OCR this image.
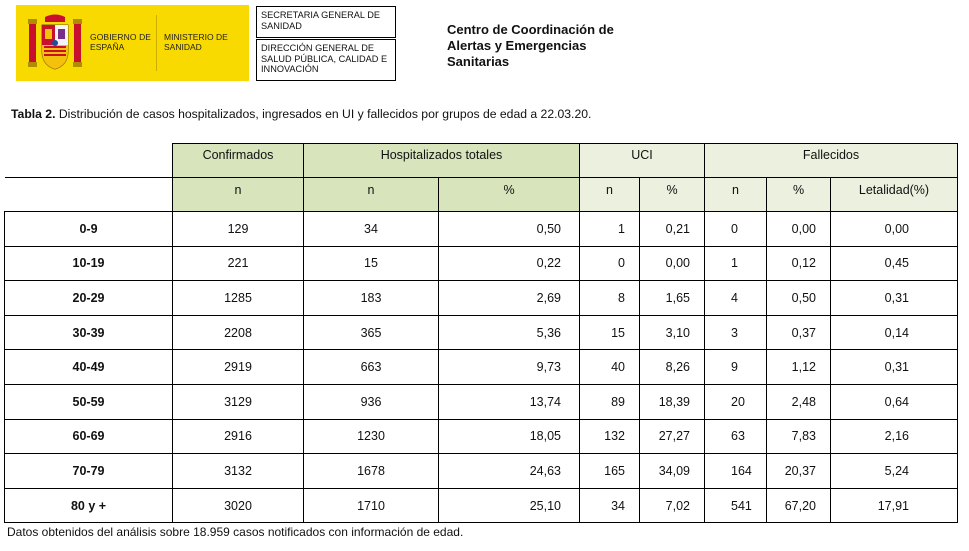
GOBIERNO DE ESPAÑA
MINISTERIO DE SANIDAD
SECRETARIA GENERAL DE SANIDAD
DIRECCIÓN GENERAL DE SALUD PÚBLICA, CALIDAD E INNOVACIÓN
Centro de Coordinación de Alertas y Emergencias Sanitarias
Tabla 2. Distribución de casos hospitalizados, ingresados en UI y fallecidos por grupos de edad a 22.03.20.
	Confirmados	Hospitalizados totales		UCI		Fallecidos		
	n	n	%	n	%	n	%	Letalidad(%)
0-9	129	34	0,50	1	0,21	0	0,00	0,00
10-19	221	15	0,22	0	0,00	1	0,12	0,45
20-29	1285	183	2,69	8	1,65	4	0,50	0,31
30-39	2208	365	5,36	15	3,10	3	0,37	0,14
40-49	2919	663	9,73	40	8,26	9	1,12	0,31
50-59	3129	936	13,74	89	18,39	20	2,48	0,64
60-69	2916	1230	18,05	132	27,27	63	7,83	2,16
70-79	3132	1678	24,63	165	34,09	164	20,37	5,24
80 y +	3020	1710	25,10	34	7,02	541	67,20	17,91
Datos obtenidos del análisis sobre 18.959 casos notificados con información de edad.
